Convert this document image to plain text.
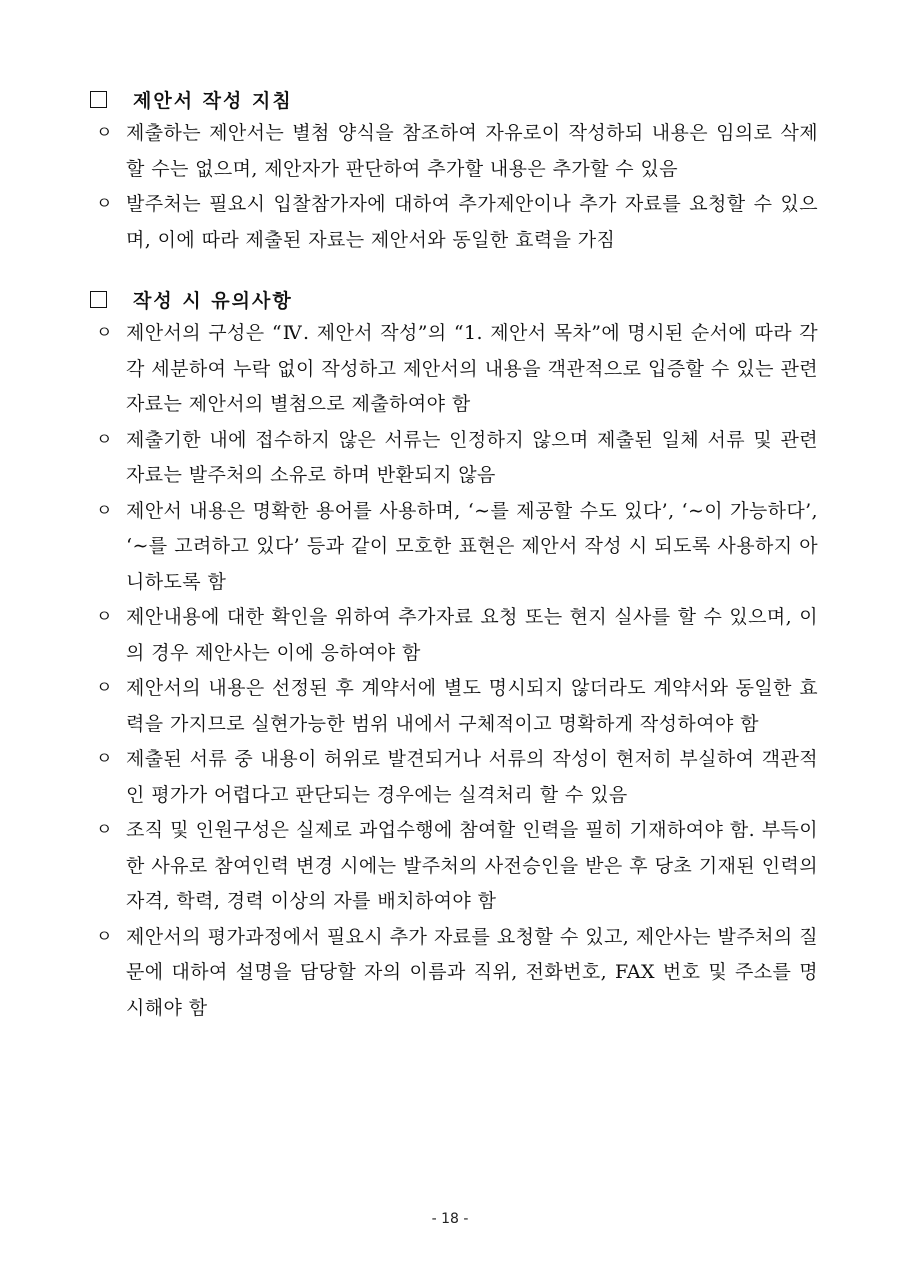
제안서 작성 지침
ㅇ 제출하는 제안서는 별첨 양식을 참조하여 자유로이 작성하되 내용은 임의로 삭제할 수는 없으며, 제안자가 판단하여 추가할 내용은 추가할 수 있음
ㅇ 발주처는 필요시 입찰참가자에 대하여 추가제안이나 추가 자료를 요청할 수 있으며, 이에 따라 제출된 자료는 제안서와 동일한 효력을 가짐
작성 시 유의사항
ㅇ 제안서의 구성은 “Ⅳ. 제안서 작성”의 “1. 제안서 목차”에 명시된 순서에 따라 각각 세분하여 누락 없이 작성하고 제안서의 내용을 객관적으로 입증할 수 있는 관련 자료는 제안서의 별첨으로 제출하여야 함
ㅇ 제출기한 내에 접수하지 않은 서류는 인정하지 않으며 제출된 일체 서류 및 관련 자료는 발주처의 소유로 하며 반환되지 않음
ㅇ 제안서 내용은 명확한 용어를 사용하며, ‘∼를 제공할 수도 있다’, ‘∼이 가능하다’, ‘∼를 고려하고 있다’ 등과 같이 모호한 표현은 제안서 작성 시 되도록 사용하지 아니하도록 함
ㅇ 제안내용에 대한 확인을 위하여 추가자료 요청 또는 현지 실사를 할 수 있으며, 이의 경우 제안사는 이에 응하여야 함
ㅇ 제안서의 내용은 선정된 후 계약서에 별도 명시되지 않더라도 계약서와 동일한 효력을 가지므로 실현가능한 범위 내에서 구체적이고 명확하게 작성하여야 함
ㅇ 제출된 서류 중 내용이 허위로 발견되거나 서류의 작성이 현저히 부실하여 객관적인 평가가 어렵다고 판단되는 경우에는 실격처리 할 수 있음
ㅇ 조직 및 인원구성은 실제로 과업수행에 참여할 인력을 필히 기재하여야 함. 부득이한 사유로 참여인력 변경 시에는 발주처의 사전승인을 받은 후 당초 기재된 인력의 자격, 학력, 경력 이상의 자를 배치하여야 함
ㅇ 제안서의 평가과정에서 필요시 추가 자료를 요청할 수 있고, 제안사는 발주처의 질문에 대하여 설명을 담당할 자의 이름과 직위, 전화번호, FAX 번호 및 주소를 명시해야 함
- 18 -
